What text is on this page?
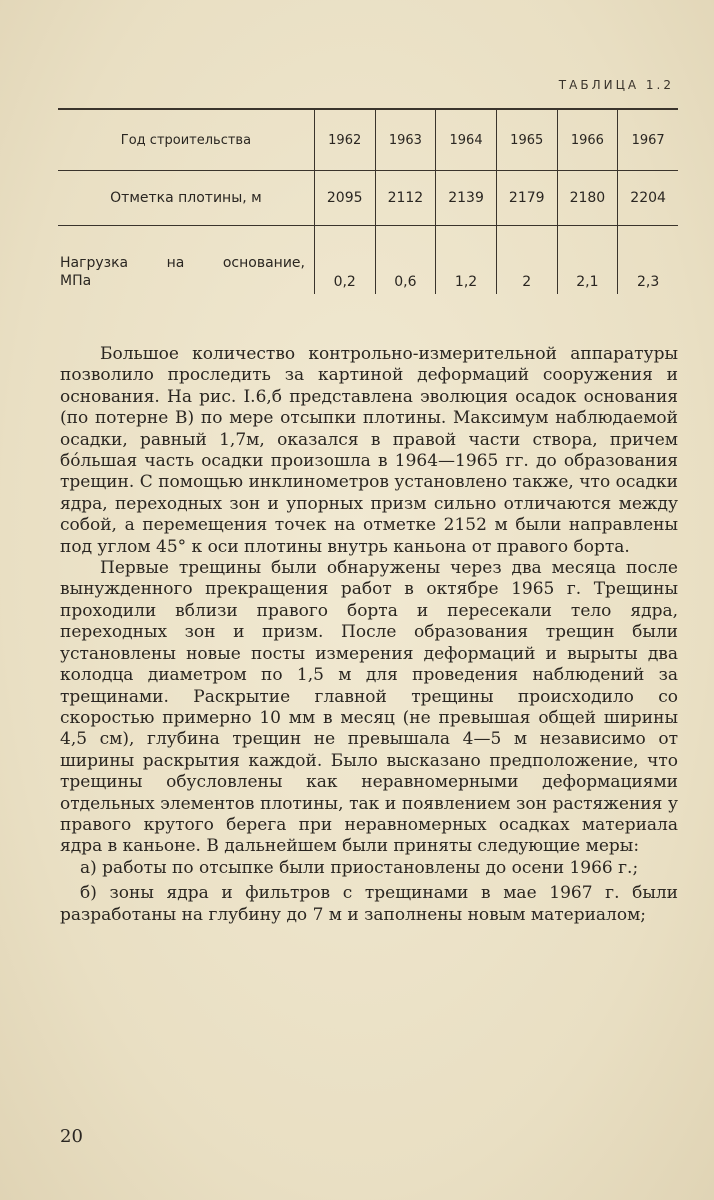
ТАБЛИЦА 1.2
Год строительства	1962	1963	1964	1965	1966	1967
Отметка плотины, м	2095	2112	2139	2179	2180	2204

Нагрузка на основание,
МПа	0,2	0,6	1,2	2	2,1	2,3

Большое количество контрольно-измерительной аппаратуры позволило проследить за картиной деформаций сооружения и основания. На рис. I.6,б представлена эволюция осадок основания (по потерне В) по мере отсыпки плотины. Максимум наблюдаемой осадки, равный 1,7м, оказался в правой части створа, причем бóльшая часть осадки произошла в 1964—1965 гг. до образования трещин. С помощью инклинометров установлено также, что осадки ядра, переходных зон и упорных призм сильно отличаются между собой, а перемещения точек на отметке 2152 м были направлены под углом 45° к оси плотины внутрь каньона от правого борта.

Первые трещины были обнаружены через два месяца после вынужденного прекращения работ в октябре 1965 г. Трещины проходили вблизи правого борта и пересекали тело ядра, переходных зон и призм. После образования трещин были установлены новые посты измерения деформаций и вырыты два колодца диаметром по 1,5 м для проведения наблюдений за трещинами. Раскрытие главной трещины происходило со скоростью примерно 10 мм в месяц (не превышая общей ширины 4,5 см), глубина трещин не превышала 4—5 м независимо от ширины раскрытия каждой. Было высказано предположение, что трещины обусловлены как неравномерными деформациями отдельных элементов плотины, так и появлением зон растяжения у правого крутого берега при неравномерных осадках материала ядра в каньоне. В дальнейшем были приняты следующие меры:

а) работы по отсыпке были приостановлены до осени 1966 г.;

б) зоны ядра и фильтров с трещинами в мае 1967 г. были разработаны на глубину до 7 м и заполнены новым материалом;

20
